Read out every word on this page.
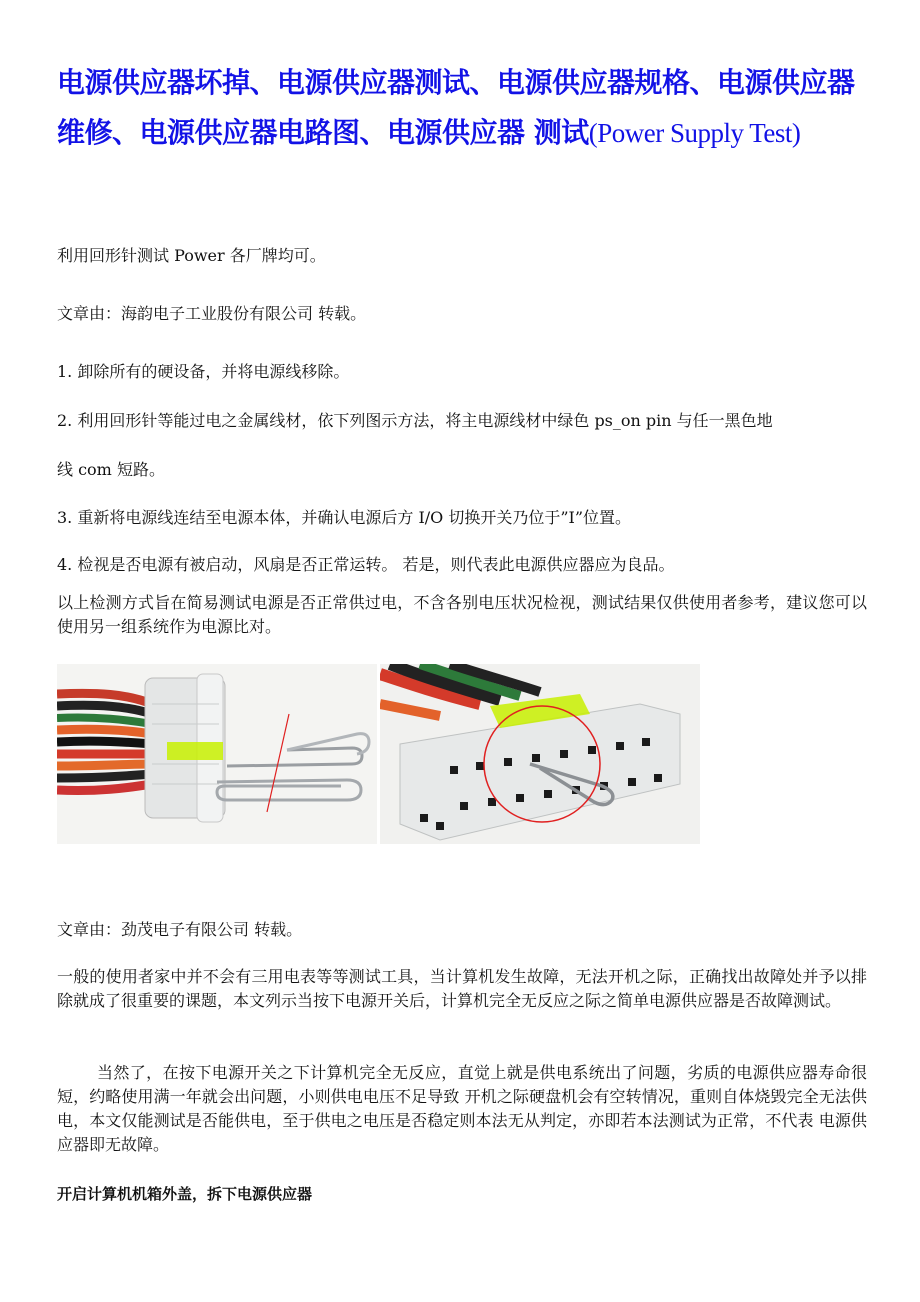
电源供应器坏掉、电源供应器测试、电源供应器规格、电源供应器
维修、电源供应器电路图、电源供应器 测试(Power Supply Test)
利用回形针测试 Power 各厂牌均可。
文章由：海韵电子工业股份有限公司 转载。
1. 卸除所有的硬设备，并将电源线移除。
2. 利用回形针等能过电之金属线材，依下列图示方法，将主电源线材中绿色 ps_on pin 与任一黑色地
线 com 短路。
3. 重新将电源线连结至电源本体，并确认电源后方 I/O 切换开关乃位于”I”位置。
4. 检视是否电源有被启动，风扇是否正常运转。 若是，则代表此电源供应器应为良品。
以上检测方式旨在简易测试电源是否正常供过电，不含各别电压状况检视，测试结果仅供使用者参考，建议您可以使用另一组系统作为电源比对。
文章由：劲茂电子有限公司 转载。
一般的使用者家中并不会有三用电表等等测试工具，当计算机发生故障，无法开机之际，正确找出故障处并予以排除就成了很重要的课题，本文列示当按下电源开关后，计算机完全无反应之际之简单电源供应器是否故障测试。
当然了，在按下电源开关之下计算机完全无反应，直觉上就是供电系统出了问题，劣质的电源供应器寿命很短，约略使用满一年就会出问题，小则供电电压不足导致 开机之际硬盘机会有空转情况，重则自体烧毁完全无法供电，本文仅能测试是否能供电，至于供电之电压是否稳定则本法无从判定，亦即若本法测试为正常，不代表 电源供应器即无故障。
开启计算机机箱外盖，拆下电源供应器
